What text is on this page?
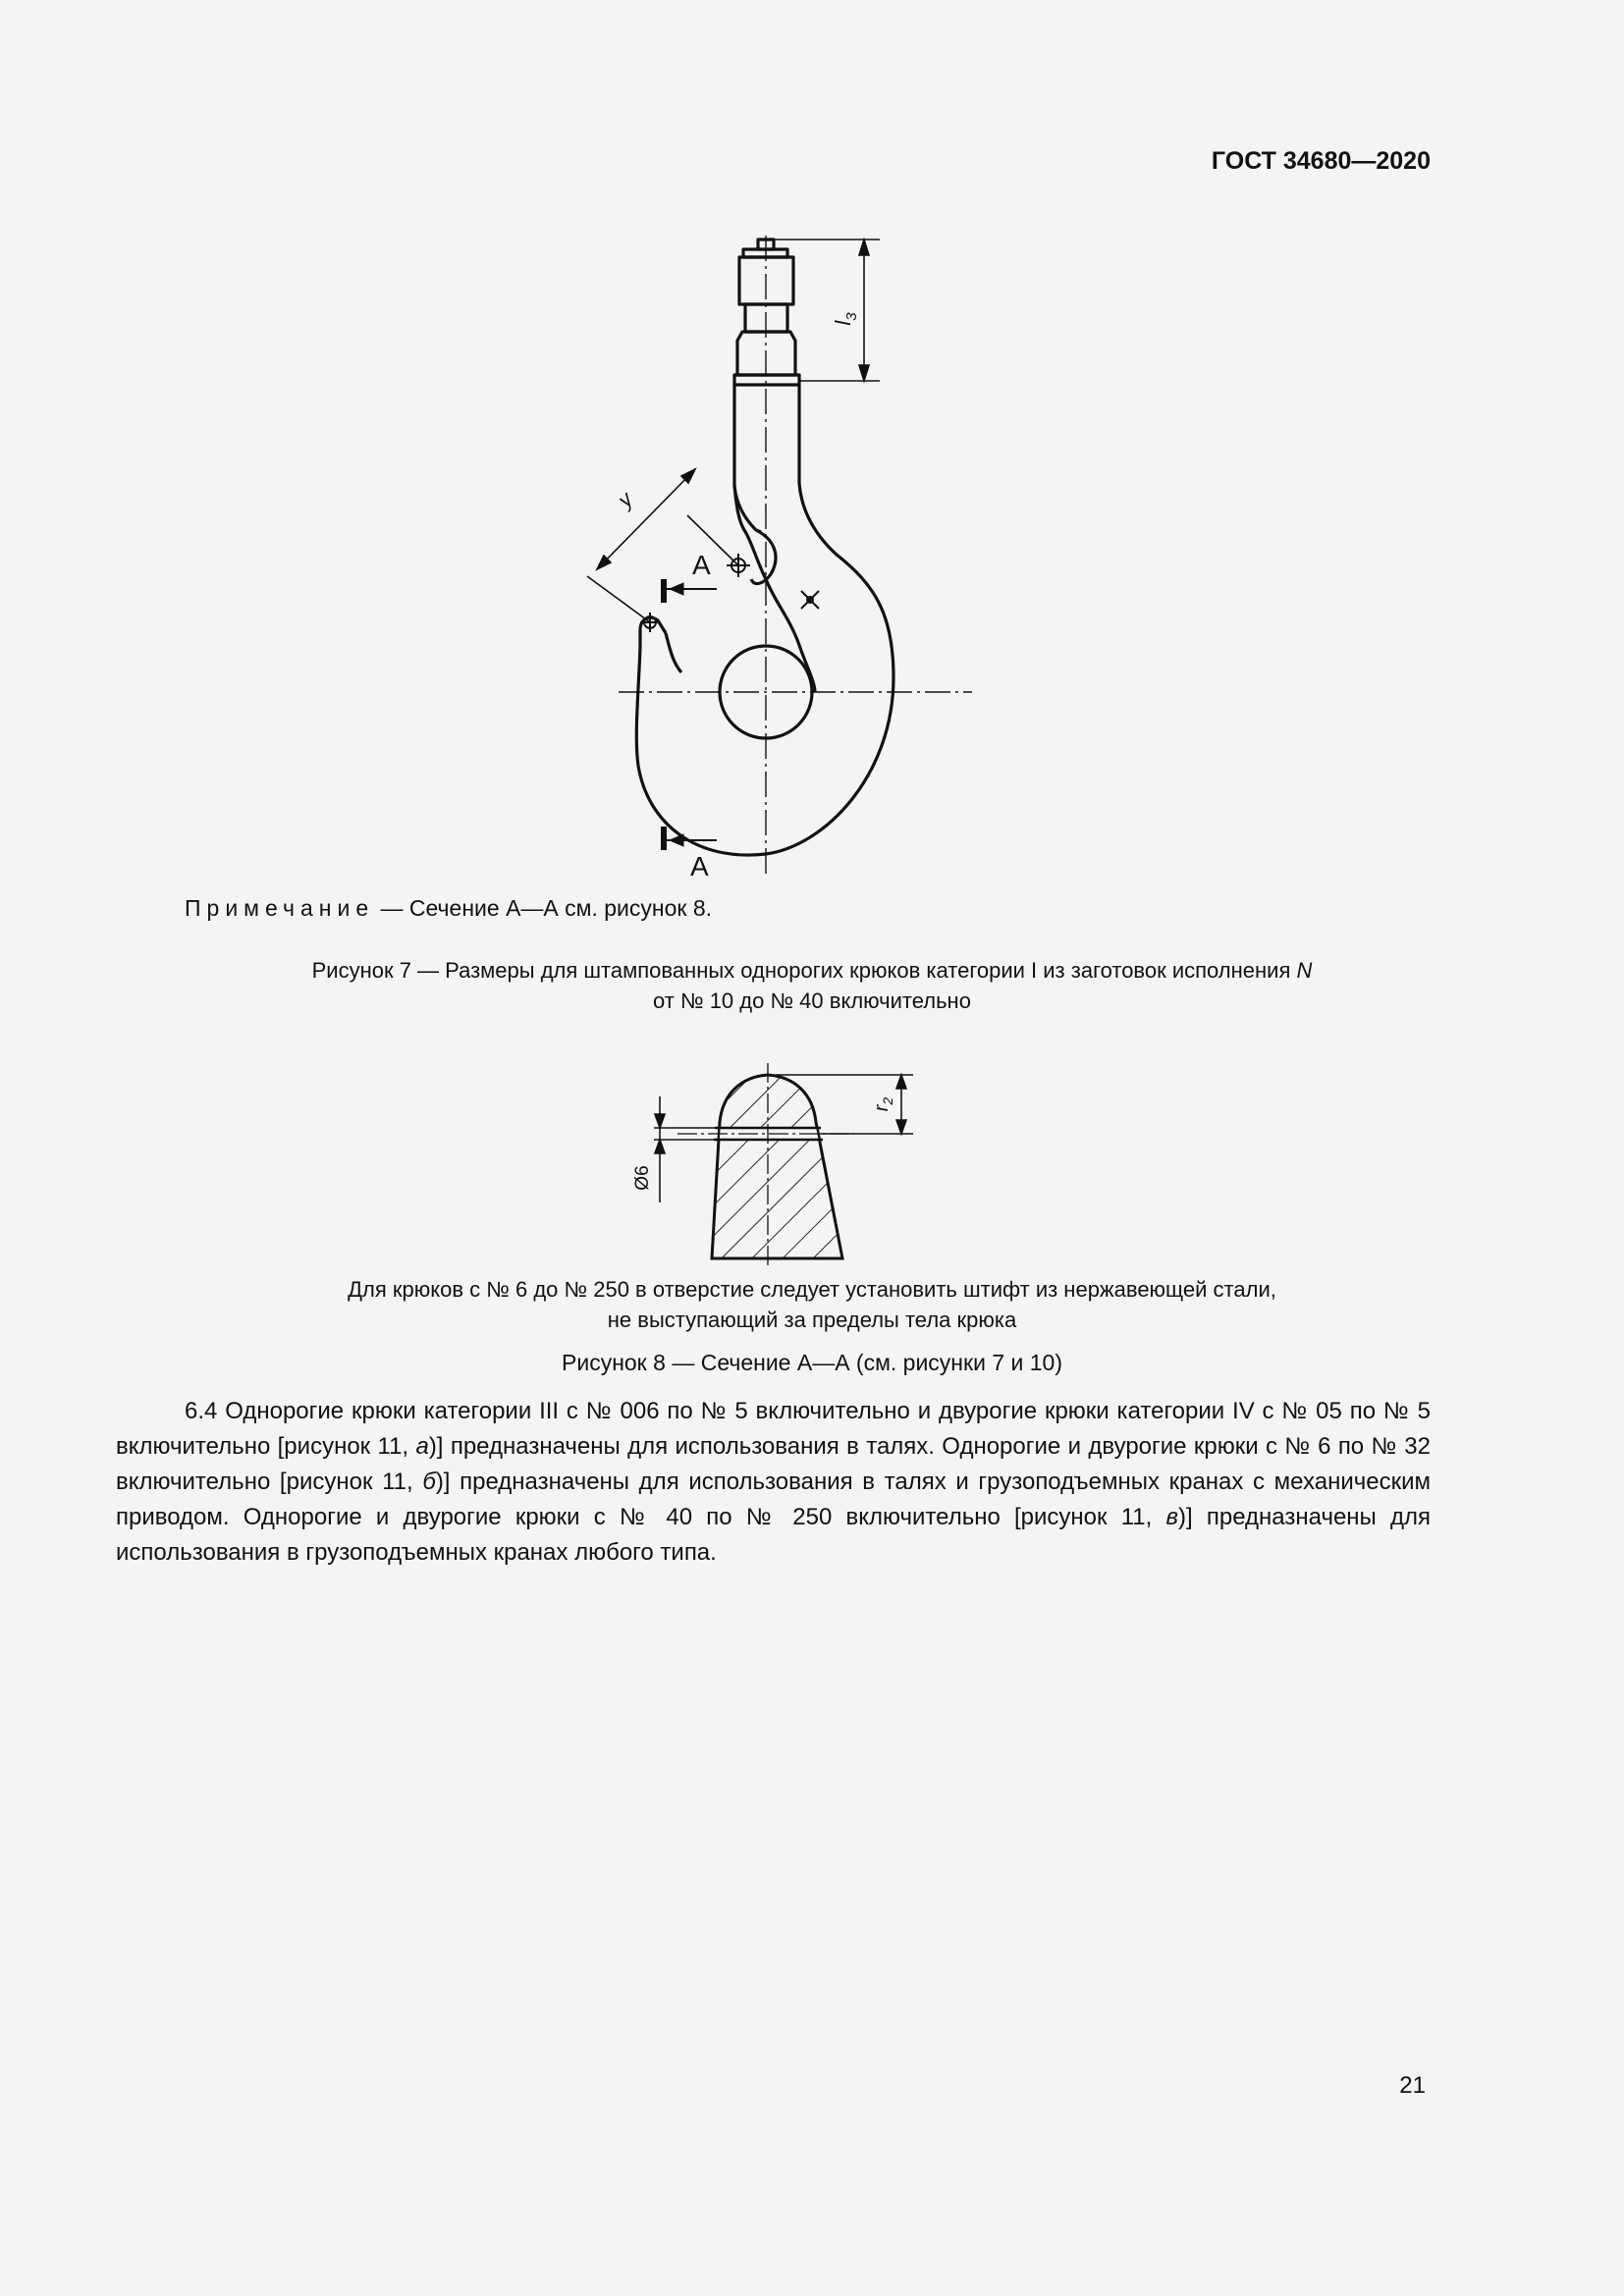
ГОСТ 34680—2020
$l_3$
y
A
A
Примечание — Сечение А—А см. рисунок 8.
Рисунок 7 — Размеры для штампованных однорогих крюков категории I из заготовок исполнения N
от № 10 до № 40 включительно
$r_2$
Ø6
Для крюков с № 6 до № 250 в отверстие следует установить штифт из нержавеющей стали,
не выступающий за пределы тела крюка
Рисунок 8 — Сечение А—А (см. рисунки 7 и 10)
6.4 Однорогие крюки категории III с № 006 по № 5 включительно и двурогие крюки категории IV с № 05 по № 5 включительно [рисунок 11, а)] предназначены для использования в талях. Однорогие и двурогие крюки с № 6 по № 32 включительно [рисунок 11, б)] предназначены для использования в талях и грузоподъемных кранах с механическим приводом. Однорогие и двурогие крюки с № 40 по № 250 включительно [рисунок 11, в)] предназначены для использования в грузоподъемных кранах любого типа.
21
